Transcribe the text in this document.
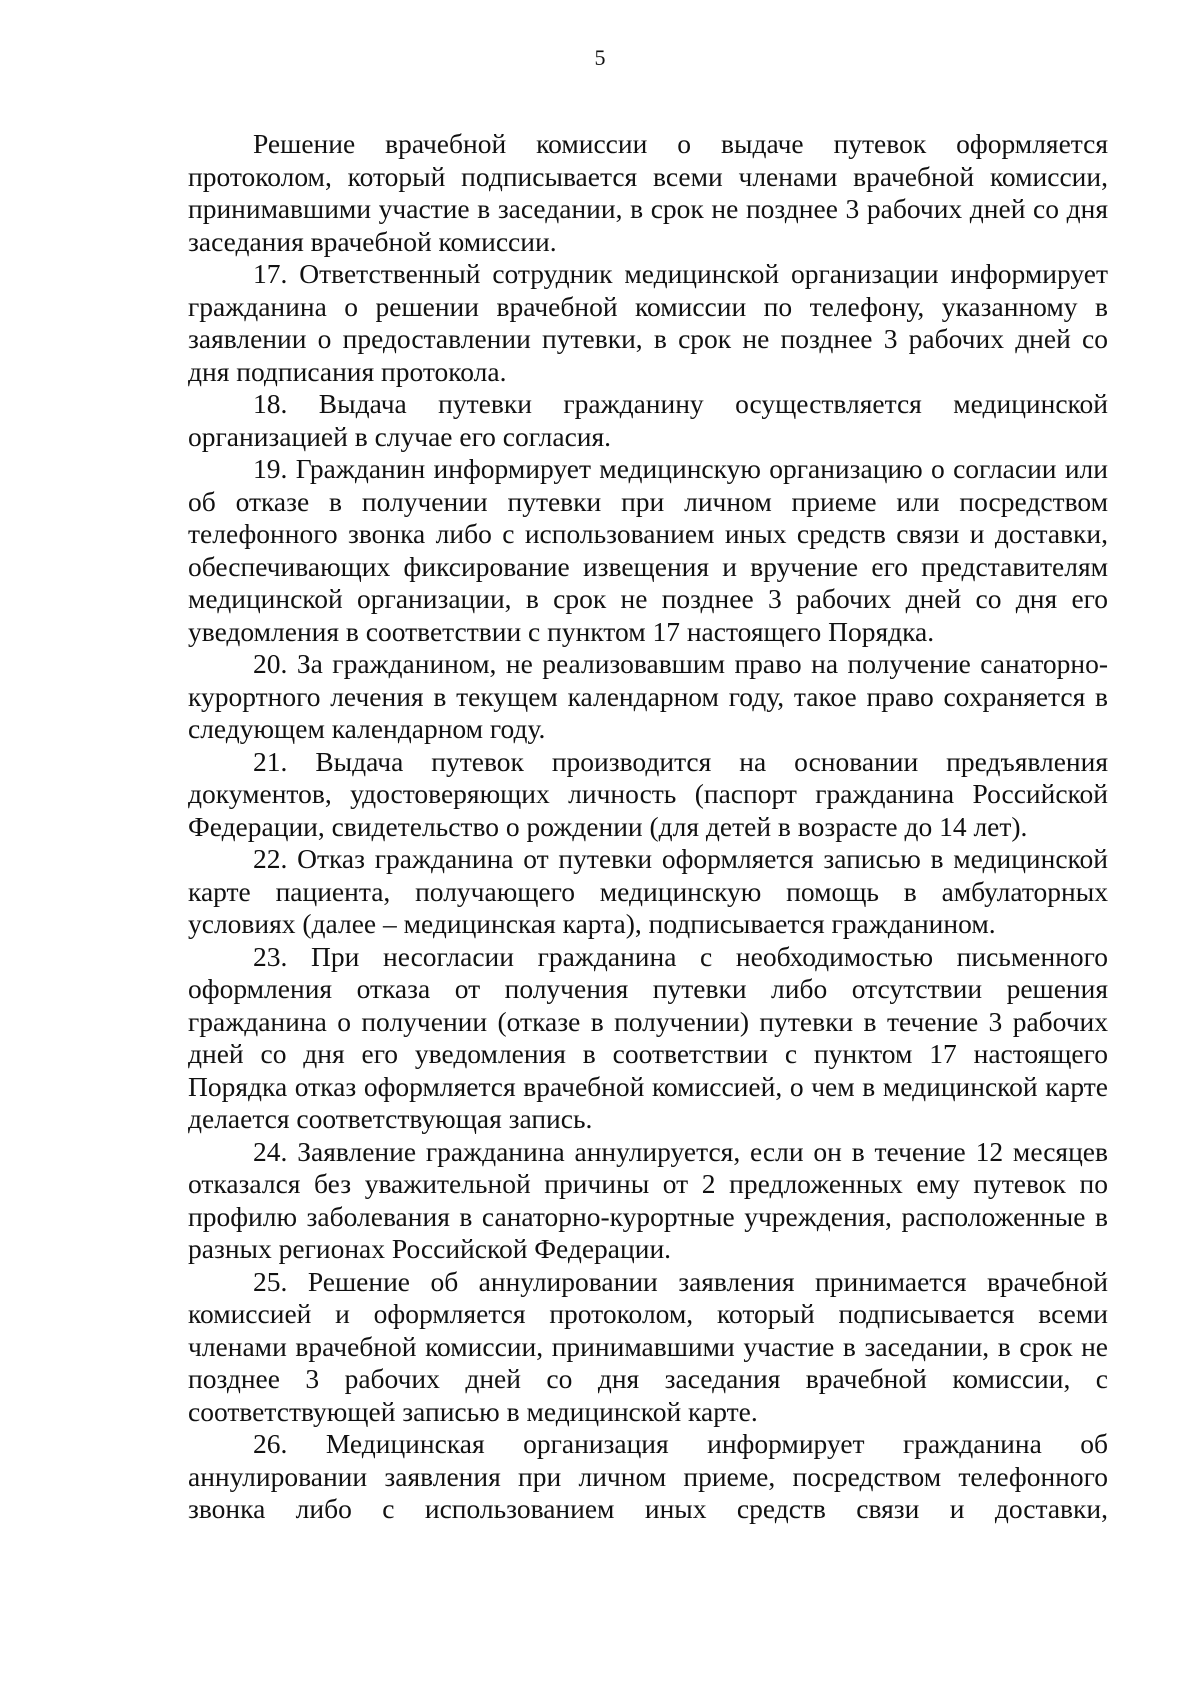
5

Решение врачебной комиссии о выдаче путевок оформляется протоколом, который подписывается всеми членами врачебной комиссии, принимавшими участие в заседании, в срок не позднее 3 рабочих дней со дня заседания врачебной комиссии.

17. Ответственный сотрудник медицинской организации информирует гражданина о решении врачебной комиссии по телефону, указанному в заявлении о предоставлении путевки, в срок не позднее 3 рабочих дней со дня подписания протокола.

18. Выдача путевки гражданину осуществляется медицинской организацией в случае его согласия.

19. Гражданин информирует медицинскую организацию о согласии или об отказе в получении путевки при личном приеме или посредством телефонного звонка либо с использованием иных средств связи и доставки, обеспечивающих фиксирование извещения и вручение его представителям медицинской организации, в срок не позднее 3 рабочих дней со дня его уведомления в соответствии с пунктом 17 настоящего Порядка.

20. За гражданином, не реализовавшим право на получение санаторно-курортного лечения в текущем календарном году, такое право сохраняется в следующем календарном году.

21. Выдача путевок производится на основании предъявления документов, удостоверяющих личность (паспорт гражданина Российской Федерации, свидетельство о рождении (для детей в возрасте до 14 лет).

22. Отказ гражданина от путевки оформляется записью в медицинской карте пациента, получающего медицинскую помощь в амбулаторных условиях (далее – медицинская карта), подписывается гражданином.

23. При несогласии гражданина с необходимостью письменного оформления отказа от получения путевки либо отсутствии решения гражданина о получении (отказе в получении) путевки в течение 3 рабочих дней со дня его уведомления в соответствии с пунктом 17 настоящего Порядка отказ оформляется врачебной комиссией, о чем в медицинской карте делается соответствующая запись.

24. Заявление гражданина аннулируется, если он в течение 12 месяцев отказался без уважительной причины от 2 предложенных ему путевок по профилю заболевания в санаторно-курортные учреждения, расположенные в разных регионах Российской Федерации.

25. Решение об аннулировании заявления принимается врачебной комиссией и оформляется протоколом, который подписывается всеми членами врачебной комиссии, принимавшими участие в заседании, в срок не позднее 3 рабочих дней со дня заседания врачебной комиссии, с соответствующей записью в медицинской карте.

26. Медицинская организация информирует гражданина об аннулировании заявления при личном приеме, посредством телефонного звонка либо с использованием иных средств связи и доставки,
